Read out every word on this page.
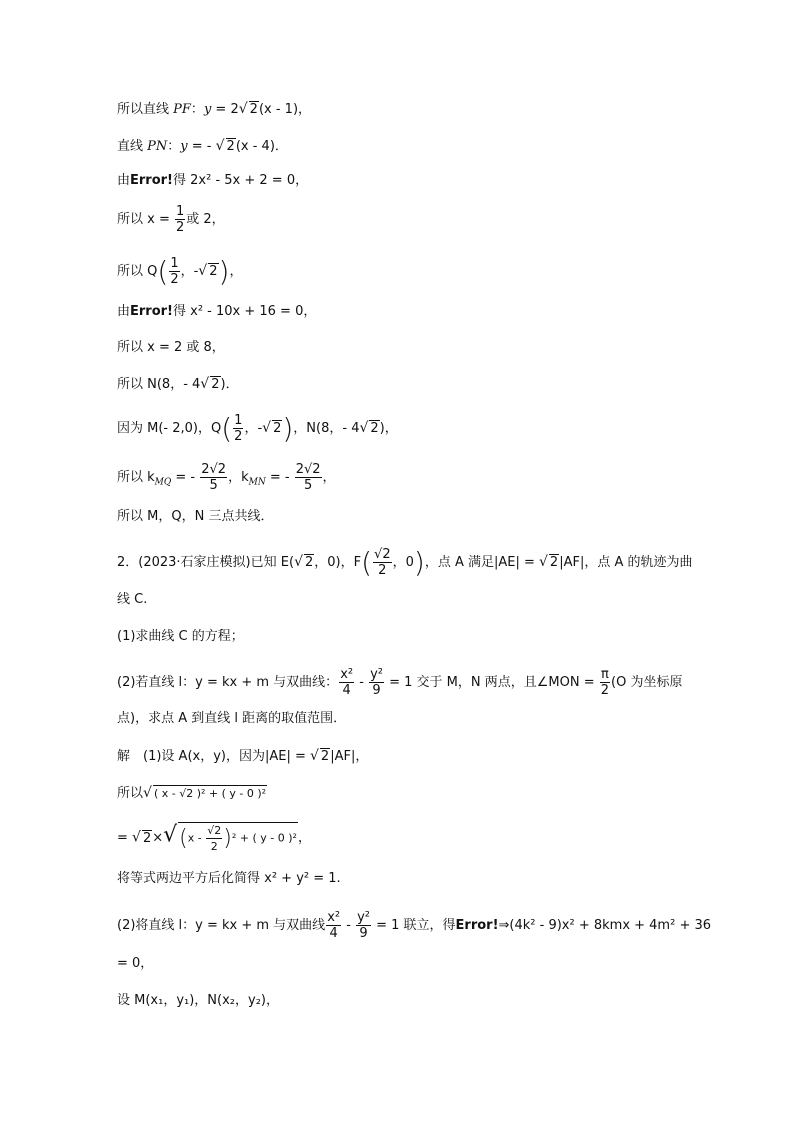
所以直线 PF：y = 2√ 2(x - 1)，
直线 PN：y = - √ 2(x - 4)．
由Error!得 2x² - 5x + 2 = 0，
所以 $x = \frac{1}{2}$ 或 2，
所以 $Q( \frac{1}{2}$ ，-√ 2)，
由Error!得 x² - 10x + 16 = 0，
所以 x = 2 或 8，
所以 N(8，- 4√ 2)．
因为 M(- 2,0)，$Q( \frac{1}{2}$ ，-√ 2)，N(8，- 4√ 2)，
所以 $k_{MQ}$ = - $\frac{2√2}{5}$ ，$k_{MN}$ = - $\frac{2√2}{5}$ ，
所以 M，Q，N 三点共线．
2．(2023·石家庄模拟)已知 E(√ 2，0)，$F( \frac{√2}{2}$ ，0)，点 A 满足|AE| = √ 2|AF|，点 A 的轨迹为曲
线 C.
(1)求曲线 C 的方程；
(2)若直线 l：y = kx + m 与双曲线： $\frac{\text{x²}}{4} - \frac{\text{y²}}{9} = 1$ 交于 M，N 两点，且∠MON = $\frac{\pi}{2} (O$ 为坐标原
点)，求点 A 到直线 l 距离的取值范围．
解　(1)设 A(x，y)，因为|AE| = √ 2|AF|，
所以√ ( x - √2 )² + ( y - 0 )²
= √ $2\times√(x - \frac{√2}{2} )^2$ + ( y - 0 )²，
将等式两边平方后化简得 x² + y² = 1.
(2)将直线 l：y = kx + m 与双曲线 $\frac{\text{x²}}{4} - \frac{\text{y²}}{9} = 1$ 联立，得Error!⇒(4k² - 9)x² + 8kmx + 4m² + 36
= 0，
设 M(x₁，y₁)，N(x₂，y₂)，
